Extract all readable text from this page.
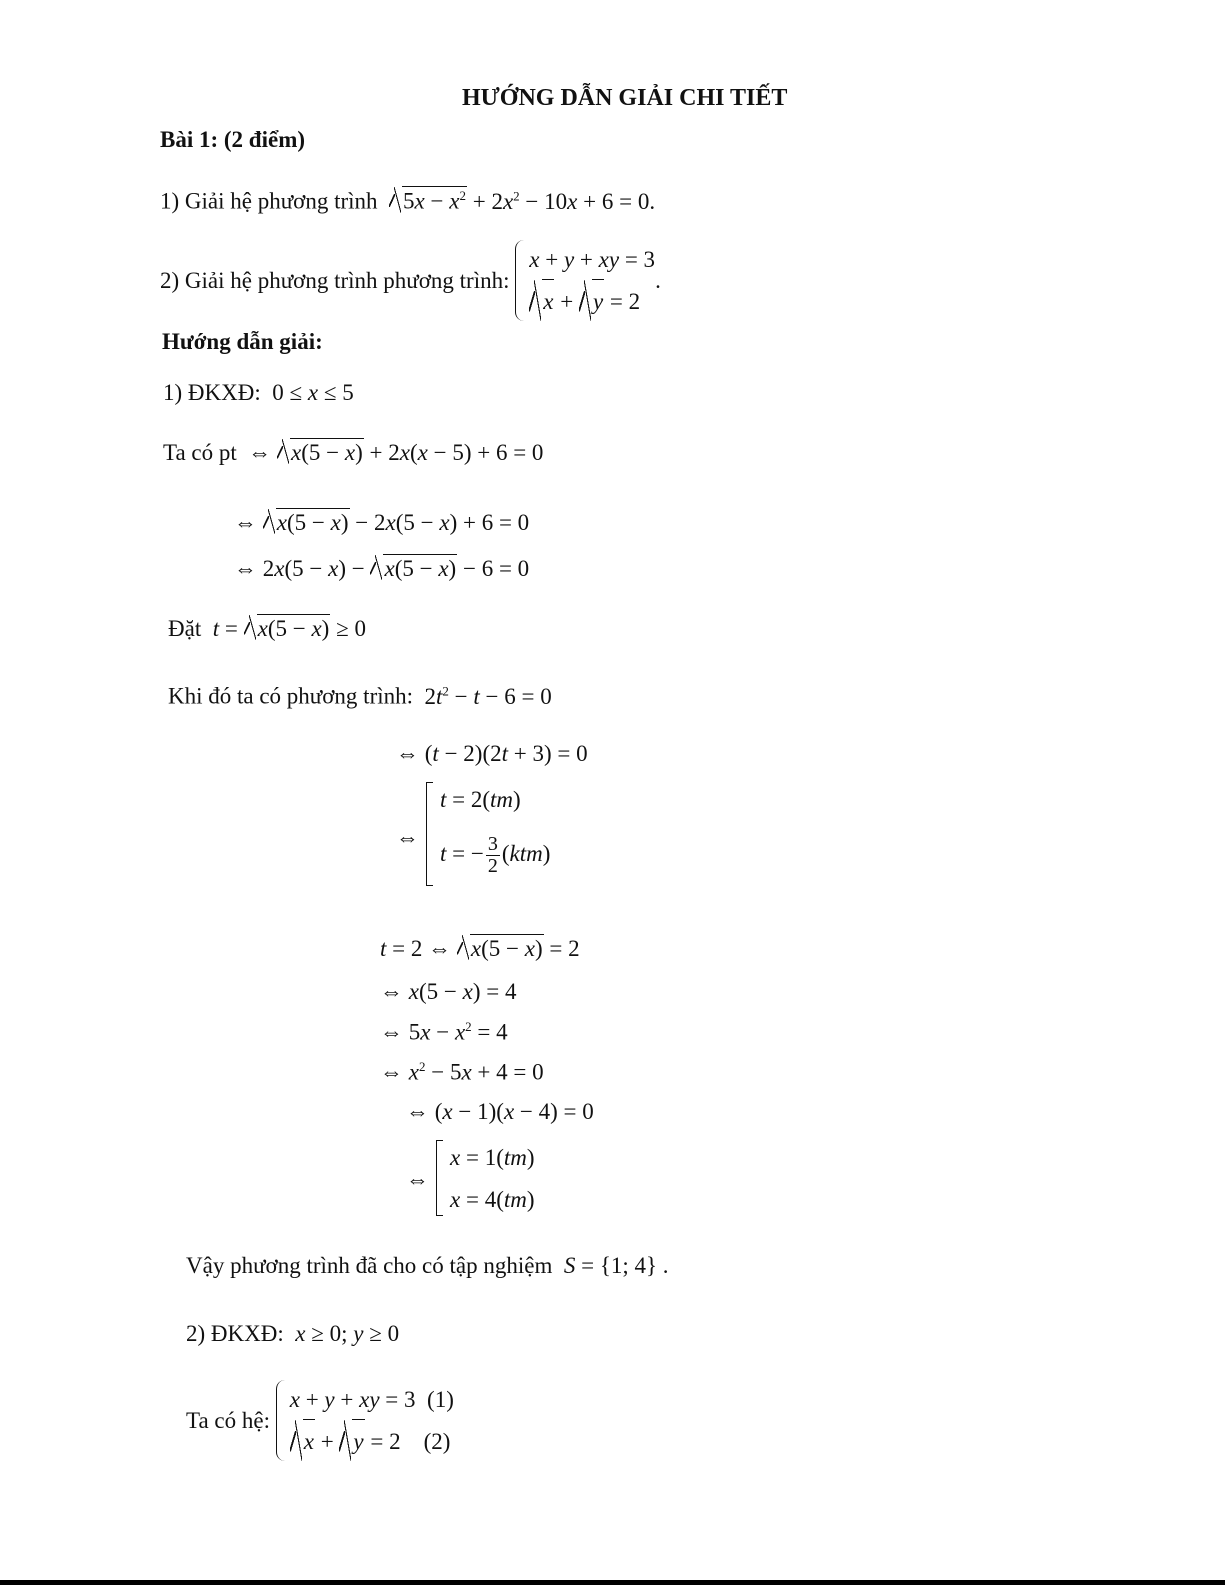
HƯỚNG DẪN GIẢI CHI TIẾT
Bài 1: (2 điểm)
1) Giải hệ phương trình $5x - x^2 + 2x^2 - 10x + 6 = 0$.
2) Giải hệ phương trình phương trình:
x + y + xy = 3
x + y = 2
.
Hướng dẫn giải:
1) ĐKXĐ:  0 ≤ x ≤ 5
Ta có pt  ⇔ x(5 − x) + 2x(x − 5) + 6 = 0
⇔ x(5 − x) − 2x(5 − x) + 6 = 0
⇔ 2x(5 − x) − x(5 − x) − 6 = 0
Đặt t = x(5 − x) ≥ 0
Khi đó ta có phương trình:  $2t^2 - t - 6 = 0$
⇔ (t − 2)(2t + 3) = 0
⇔
t = 2(tm)
t = − $\frac{3}{2} (ktm)$
t = 2 ⇔ x(5 − x) = 2
⇔ x(5 − x) = 4
⇔ $5x - x^2 = 4$
⇔ $x^2 - 5x + 4 = 0$
⇔ (x − 1)(x − 4) = 0
⇔
x = 1(tm)
x = 4(tm)
Vậy phương trình đã cho có tập nghiệm S = {1; 4} .
2) ĐKXĐ: x ≥ 0; y ≥ 0
Ta có hệ:
x + y + xy = 3  (1)
x + y = 2    (2)
